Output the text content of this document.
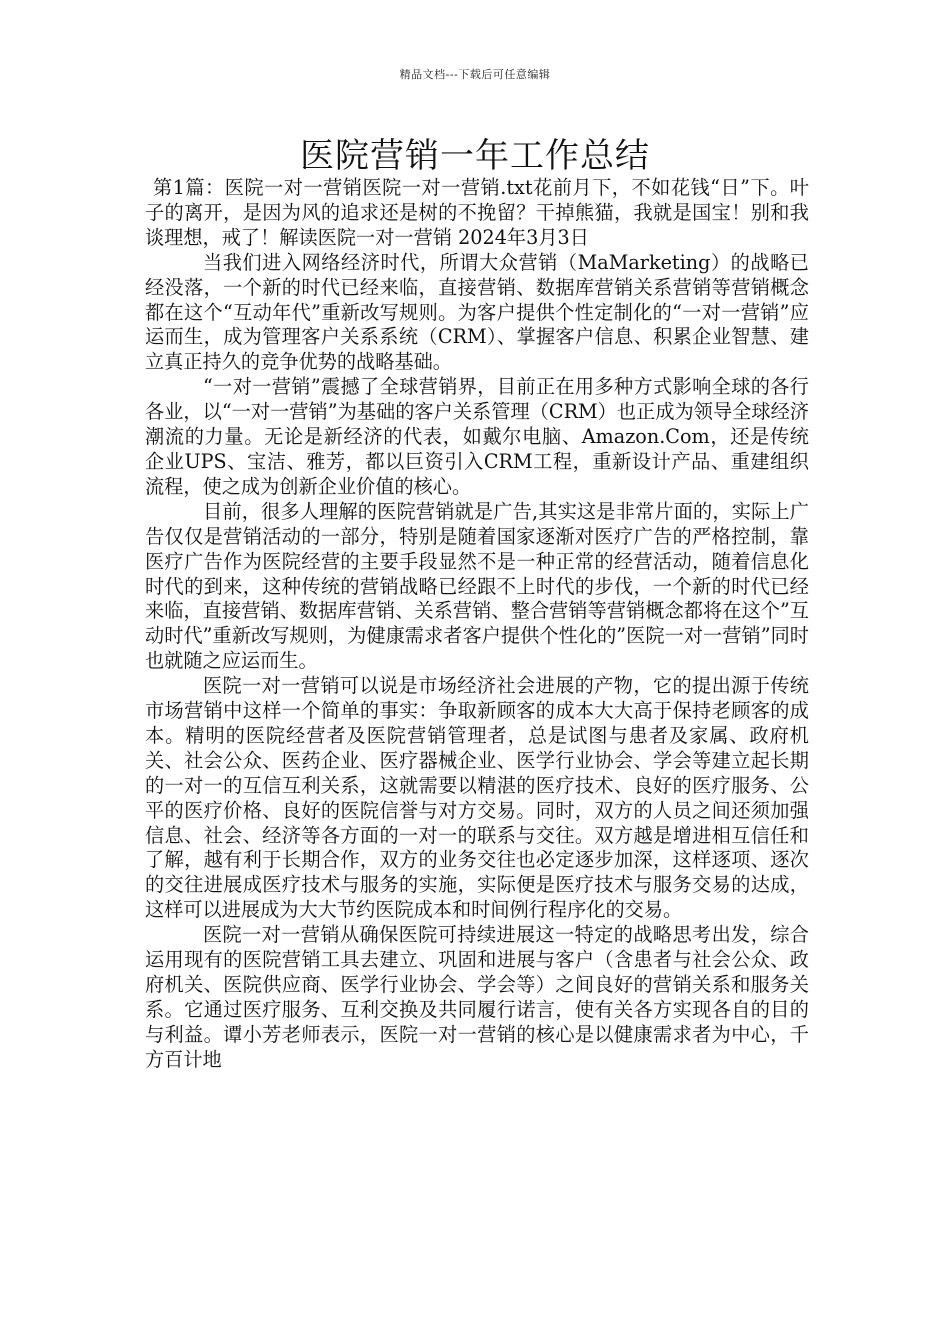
精品文档---下载后可任意编辑
医院营销一年工作总结

第1篇：医院一对一营销医院一对一营销.txt花前月下，不如花钱“日”下。叶子的离开，是因为风的追求还是树的不挽留？干掉熊猫，我就是国宝！别和我谈理想，戒了！解读医院一对一营销 2024年3月3日

当我们进入网络经济时代，所谓大众营销（MaMarketing）的战略已经没落，一个新的时代已经来临，直接营销、数据库营销关系营销等营销概念都在这个“互动年代”重新改写规则。为客户提供个性定制化的“一对一营销”应运而生，成为管理客户关系系统（CRM）、掌握客户信息、积累企业智慧、建立真正持久的竞争优势的战略基础。

“一对一营销”震撼了全球营销界，目前正在用多种方式影响全球的各行各业，以“一对一营销”为基础的客户关系管理（CRM）也正成为领导全球经济潮流的力量。无论是新经济的代表，如戴尔电脑、Amazon.Com，还是传统企业UPS、宝洁、雅芳，都以巨资引入CRM工程，重新设计产品、重建组织流程，使之成为创新企业价值的核心。

目前，很多人理解的医院营销就是广告,其实这是非常片面的，实际上广告仅仅是营销活动的一部分，特别是随着国家逐渐对医疗广告的严格控制，靠医疗广告作为医院经营的主要手段显然不是一种正常的经营活动，随着信息化时代的到来，这种传统的营销战略已经跟不上时代的步伐，一个新的时代已经来临，直接营销、数据库营销、关系营销、整合营销等营销概念都将在这个”互动时代”重新改写规则，为健康需求者客户提供个性化的”医院一对一营销”同时也就随之应运而生。

医院一对一营销可以说是市场经济社会进展的产物，它的提出源于传统市场营销中这样一个简单的事实：争取新顾客的成本大大高于保持老顾客的成本。精明的医院经营者及医院营销管理者，总是试图与患者及家属、政府机关、社会公众、医药企业、医疗器械企业、医学行业协会、学会等建立起长期的一对一的互信互利关系，这就需要以精湛的医疗技术、良好的医疗服务、公平的医疗价格、良好的医院信誉与对方交易。同时，双方的人员之间还须加强信息、社会、经济等各方面的一对一的联系与交往。双方越是增进相互信任和了解，越有利于长期合作，双方的业务交往也必定逐步加深，这样逐项、逐次的交往进展成医疗技术与服务的实施，实际便是医疗技术与服务交易的达成，这样可以进展成为大大节约医院成本和时间例行程序化的交易。

医院一对一营销从确保医院可持续进展这一特定的战略思考出发，综合运用现有的医院营销工具去建立、巩固和进展与客户（含患者与社会公众、政府机关、医院供应商、医学行业协会、学会等）之间良好的营销关系和服务关系。它通过医疗服务、互利交换及共同履行诺言，使有关各方实现各自的目的与利益。谭小芳老师表示，医院一对一营销的核心是以健康需求者为中心，千方百计地
